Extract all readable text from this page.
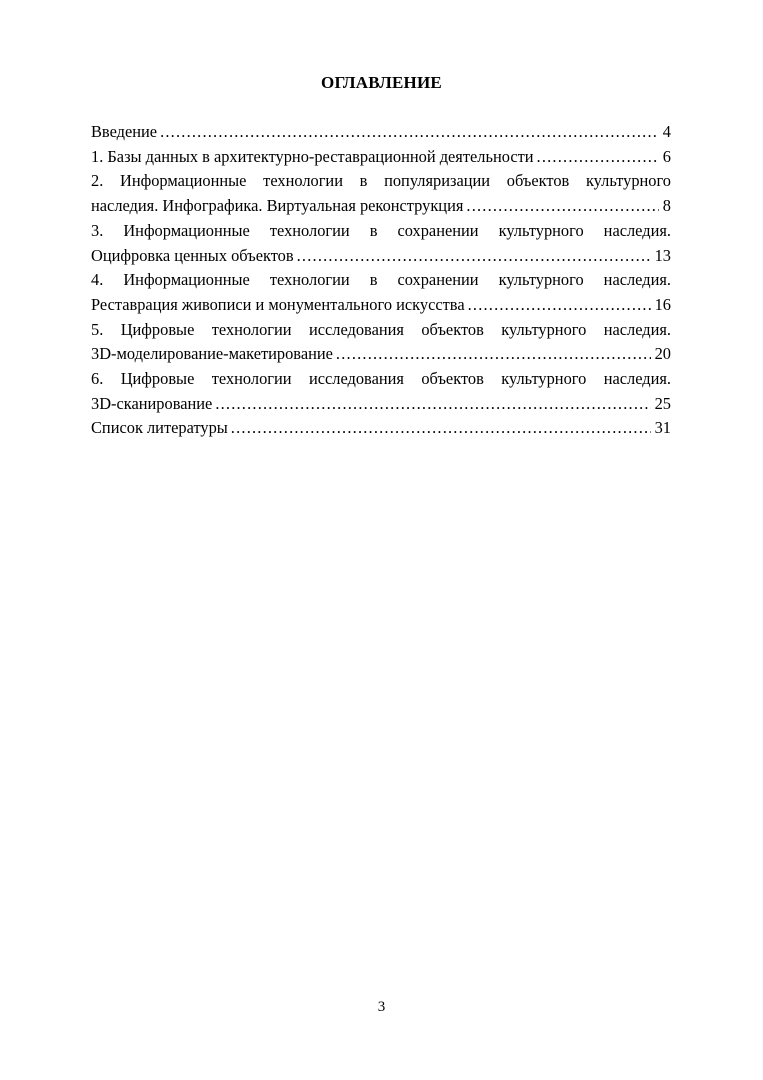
ОГЛАВЛЕНИЕ
Введение .....	4
1. Базы данных в архитектурно-реставрационной деятельности .....	6
2. Информационные технологии в популяризации объектов культурного
наследия. Инфографика. Виртуальная реконструкция .....	8
3. Информационные технологии в сохранении культурного наследия.
Оцифровка ценных объектов .....	13
4. Информационные технологии в сохранении культурного наследия.
Реставрация живописи и монументального искусства .....	16
5. Цифровые технологии исследования объектов культурного наследия.
3D-моделирование-макетирование .....	20
6. Цифровые технологии исследования объектов культурного наследия.
3D-сканирование .....	25
Список литературы .....	31
3
